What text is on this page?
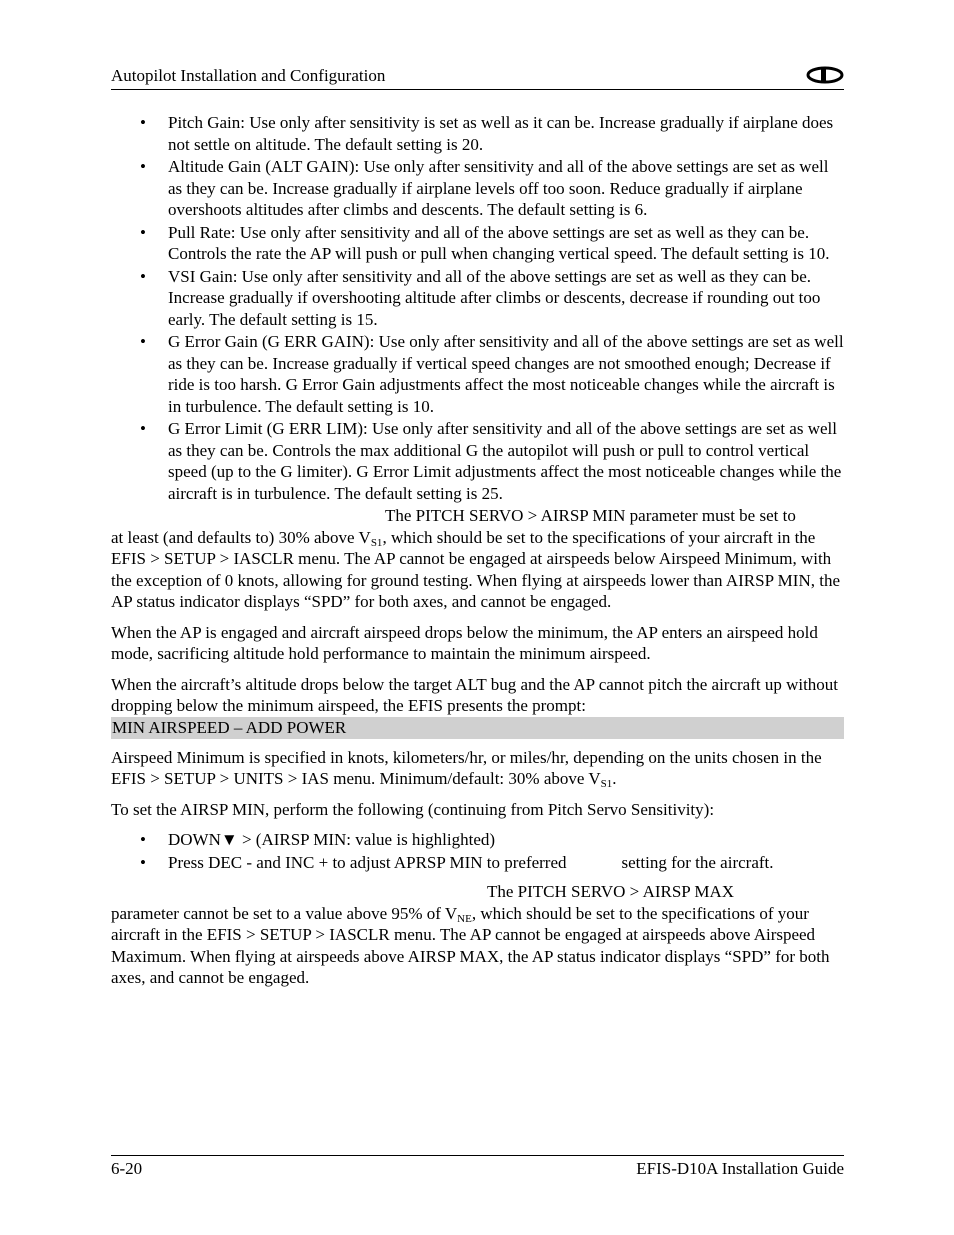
Autopilot Installation and Configuration
• Pitch Gain: Use only after sensitivity is set as well as it can be. Increase gradually if airplane does not settle on altitude. The default setting is 20.
• Altitude Gain (ALT GAIN): Use only after sensitivity and all of the above settings are set as well as they can be. Increase gradually if airplane levels off too soon. Reduce gradually if airplane overshoots altitudes after climbs and descents. The default setting is 6.
• Pull Rate: Use only after sensitivity and all of the above settings are set as well as they can be. Controls the rate the AP will push or pull when changing vertical speed. The default setting is 10.
• VSI Gain: Use only after sensitivity and all of the above settings are set as well as they can be. Increase gradually if overshooting altitude after climbs or descents, decrease if rounding out too early. The default setting is 15.
• G Error Gain (G ERR GAIN): Use only after sensitivity and all of the above settings are set as well as they can be. Increase gradually if vertical speed changes are not smoothed enough; Decrease if ride is too harsh. G Error Gain adjustments affect the most noticeable changes while the aircraft is in turbulence. The default setting is 10.
• G Error Limit (G ERR LIM): Use only after sensitivity and all of the above settings are set as well as they can be. Controls the max additional G the autopilot will push or pull to control vertical speed (up to the G limiter). G Error Limit adjustments affect the most noticeable changes while the aircraft is in turbulence. The default setting is 25.

The PITCH SERVO > AIRSP MIN parameter must be set to
at least (and defaults to) 30% above $V_{S1}$, which should be set to the specifications of your aircraft in the EFIS > SETUP > IASCLR menu. The AP cannot be engaged at airspeeds below Airspeed Minimum, with the exception of 0 knots, allowing for ground testing. When flying at airspeeds lower than AIRSP MIN, the AP status indicator displays “SPD” for both axes, and cannot be engaged.

When the AP is engaged and aircraft airspeed drops below the minimum, the AP enters an airspeed hold mode, sacrificing altitude hold performance to maintain the minimum airspeed.

When the aircraft’s altitude drops below the target ALT bug and the AP cannot pitch the aircraft up without dropping below the minimum airspeed, the EFIS presents the prompt:

MIN AIRSPEED – ADD POWER

Airspeed Minimum is specified in knots, kilometers/hr, or miles/hr, depending on the units chosen in the EFIS > SETUP > UNITS > IAS menu. Minimum/default: 30% above $V_{S1}$.

To set the AIRSP MIN, perform the following (continuing from Pitch Servo Sensitivity):

• DOWN▼ > (AIRSP MIN: value is highlighted)
• Press DEC - and INC + to adjust APRSP MIN to preferred	setting for the aircraft.

The PITCH SERVO > AIRSP MAX
parameter cannot be set to a value above 95% of $V_{NE}$, which should be set to the specifications of your aircraft in the EFIS > SETUP > IASCLR menu. The AP cannot be engaged at airspeeds above Airspeed Maximum. When flying at airspeeds above AIRSP MAX, the AP status indicator displays “SPD” for both axes, and cannot be engaged.

6-20	EFIS-D10A Installation Guide
